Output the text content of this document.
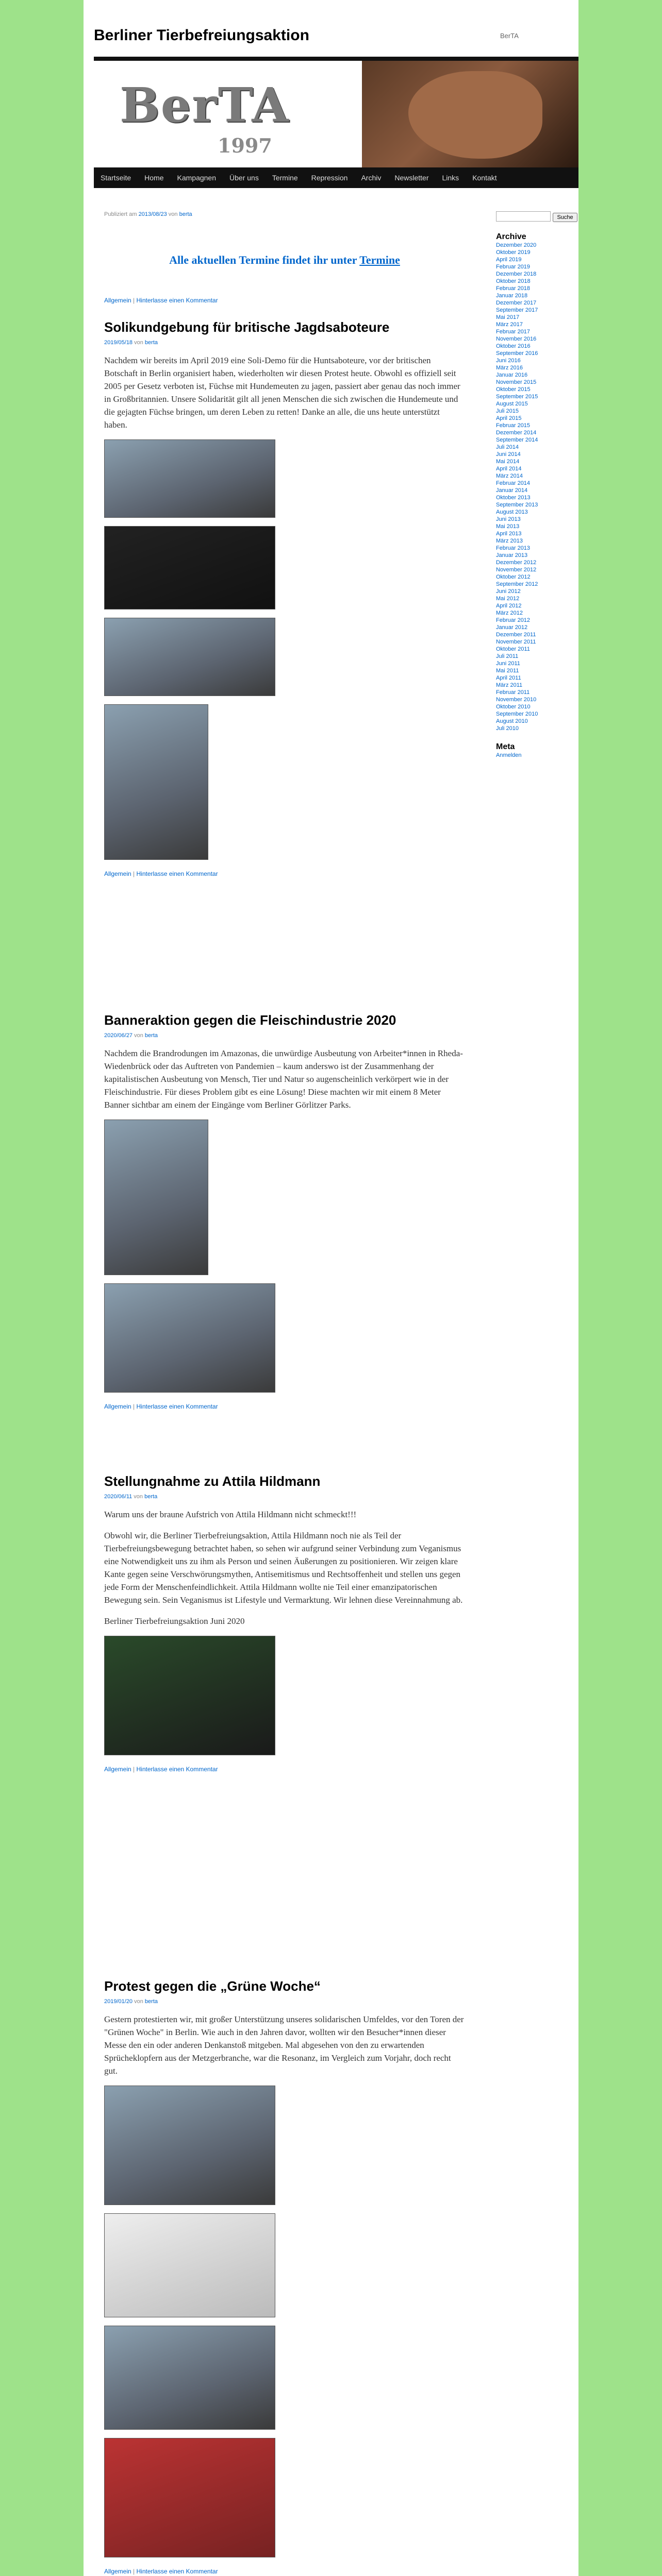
Berliner Tierbefreiungsaktion	BerTA
BerTA
1997
Startseite	Home	Kampagnen	Über uns	Termine	Repression	Archiv	Newsletter	Links	Kontakt
Publiziert am 2013/08/23 von berta
Alle aktuellen Termine findet ihr unter Termine
Allgemein | Hinterlasse einen Kommentar
Solikundgebung für britische Jagdsaboteure
2019/05/18 von berta

Nachdem wir bereits im April 2019 eine Soli-Demo für die Huntsaboteure, vor der britischen Botschaft in Berlin organisiert haben, wiederholten wir diesen Protest heute. Obwohl es offiziell seit 2005 per Gesetz verboten ist, Füchse mit Hundemeuten zu jagen, passiert aber genau das noch immer in Großbritannien. Unsere Solidarität gilt all jenen Menschen die sich zwischen die Hundemeute und die gejagten Füchse bringen, um deren Leben zu retten! Danke an alle, die uns heute unterstützt haben.

Allgemein | Hinterlasse einen Kommentar
Banneraktion gegen die Fleischindustrie 2020
2020/06/27 von berta

Nachdem die Brandrodungen im Amazonas, die unwürdige Ausbeutung von Arbeiter*innen in Rheda-Wiedenbrück oder das Auftreten von Pandemien – kaum anderswo ist der Zusammenhang der kapitalistischen Ausbeutung von Mensch, Tier und Natur so augenscheinlich verkörpert wie in der Fleischindustrie. Für dieses Problem gibt es eine Lösung! Diese machten wir mit einem 8 Meter Banner sichtbar am einem der Eingänge vom Berliner Görlitzer Parks.

Allgemein | Hinterlasse einen Kommentar
Stellungnahme zu Attila Hildmann
2020/06/11 von berta

Warum uns der braune Aufstrich von Attila Hildmann nicht schmeckt!!!

Obwohl wir, die Berliner Tierbefreiungsaktion, Attila Hildmann noch nie als Teil der Tierbefreiungsbewegung betrachtet haben, so sehen wir aufgrund seiner Verbindung zum Veganismus eine Notwendigkeit uns zu ihm als Person und seinen Äußerungen zu positionieren. Wir zeigen klare Kante gegen seine Verschwörungsmythen, Antisemitismus und Rechtsoffenheit und stellen uns gegen jede Form der Menschenfeindlichkeit. Attila Hildmann wollte nie Teil einer emanzipatorischen Bewegung sein. Sein Veganismus ist Lifestyle und Vermarktung. Wir lehnen diese Vereinnahmung ab.

Berliner Tierbefreiungsaktion Juni 2020

Allgemein | Hinterlasse einen Kommentar
Protest gegen die „Grüne Woche“
2019/01/20 von berta

Gestern protestierten wir, mit großer Unterstützung unseres solidarischen Umfeldes, vor den Toren der "Grünen Woche" in Berlin. Wie auch in den Jahren davor, wollten wir den Besucher*innen dieser Messe den ein oder anderen Denkanstoß mitgeben. Mal abgesehen von den zu erwartenden Sprücheklopfern aus der Metzgerbranche, war die Resonanz, im Vergleich zum Vorjahr, doch recht gut.

Allgemein | Hinterlasse einen Kommentar

Suche
Archive
Dezember 2020
Oktober 2019
April 2019
Februar 2019
Dezember 2018
Oktober 2018
Februar 2018
Januar 2018
Dezember 2017
September 2017
Mai 2017
März 2017
Februar 2017
November 2016
Oktober 2016
September 2016
Juni 2016
März 2016
Januar 2016
November 2015
Oktober 2015
September 2015
August 2015
Juli 2015
April 2015
Februar 2015
Dezember 2014
September 2014
Juli 2014
Juni 2014
Mai 2014
April 2014
März 2014
Februar 2014
Januar 2014
Oktober 2013
September 2013
August 2013
Juni 2013
Mai 2013
April 2013
März 2013
Februar 2013
Januar 2013
Dezember 2012
November 2012
Oktober 2012
September 2012
Juni 2012
Mai 2012
April 2012
März 2012
Februar 2012
Januar 2012
Dezember 2011
November 2011
Oktober 2011
Juli 2011
Juni 2011
Mai 2011
April 2011
März 2011
Februar 2011
November 2010
Oktober 2010
September 2010
August 2010
Juli 2010
Meta
Anmelden
